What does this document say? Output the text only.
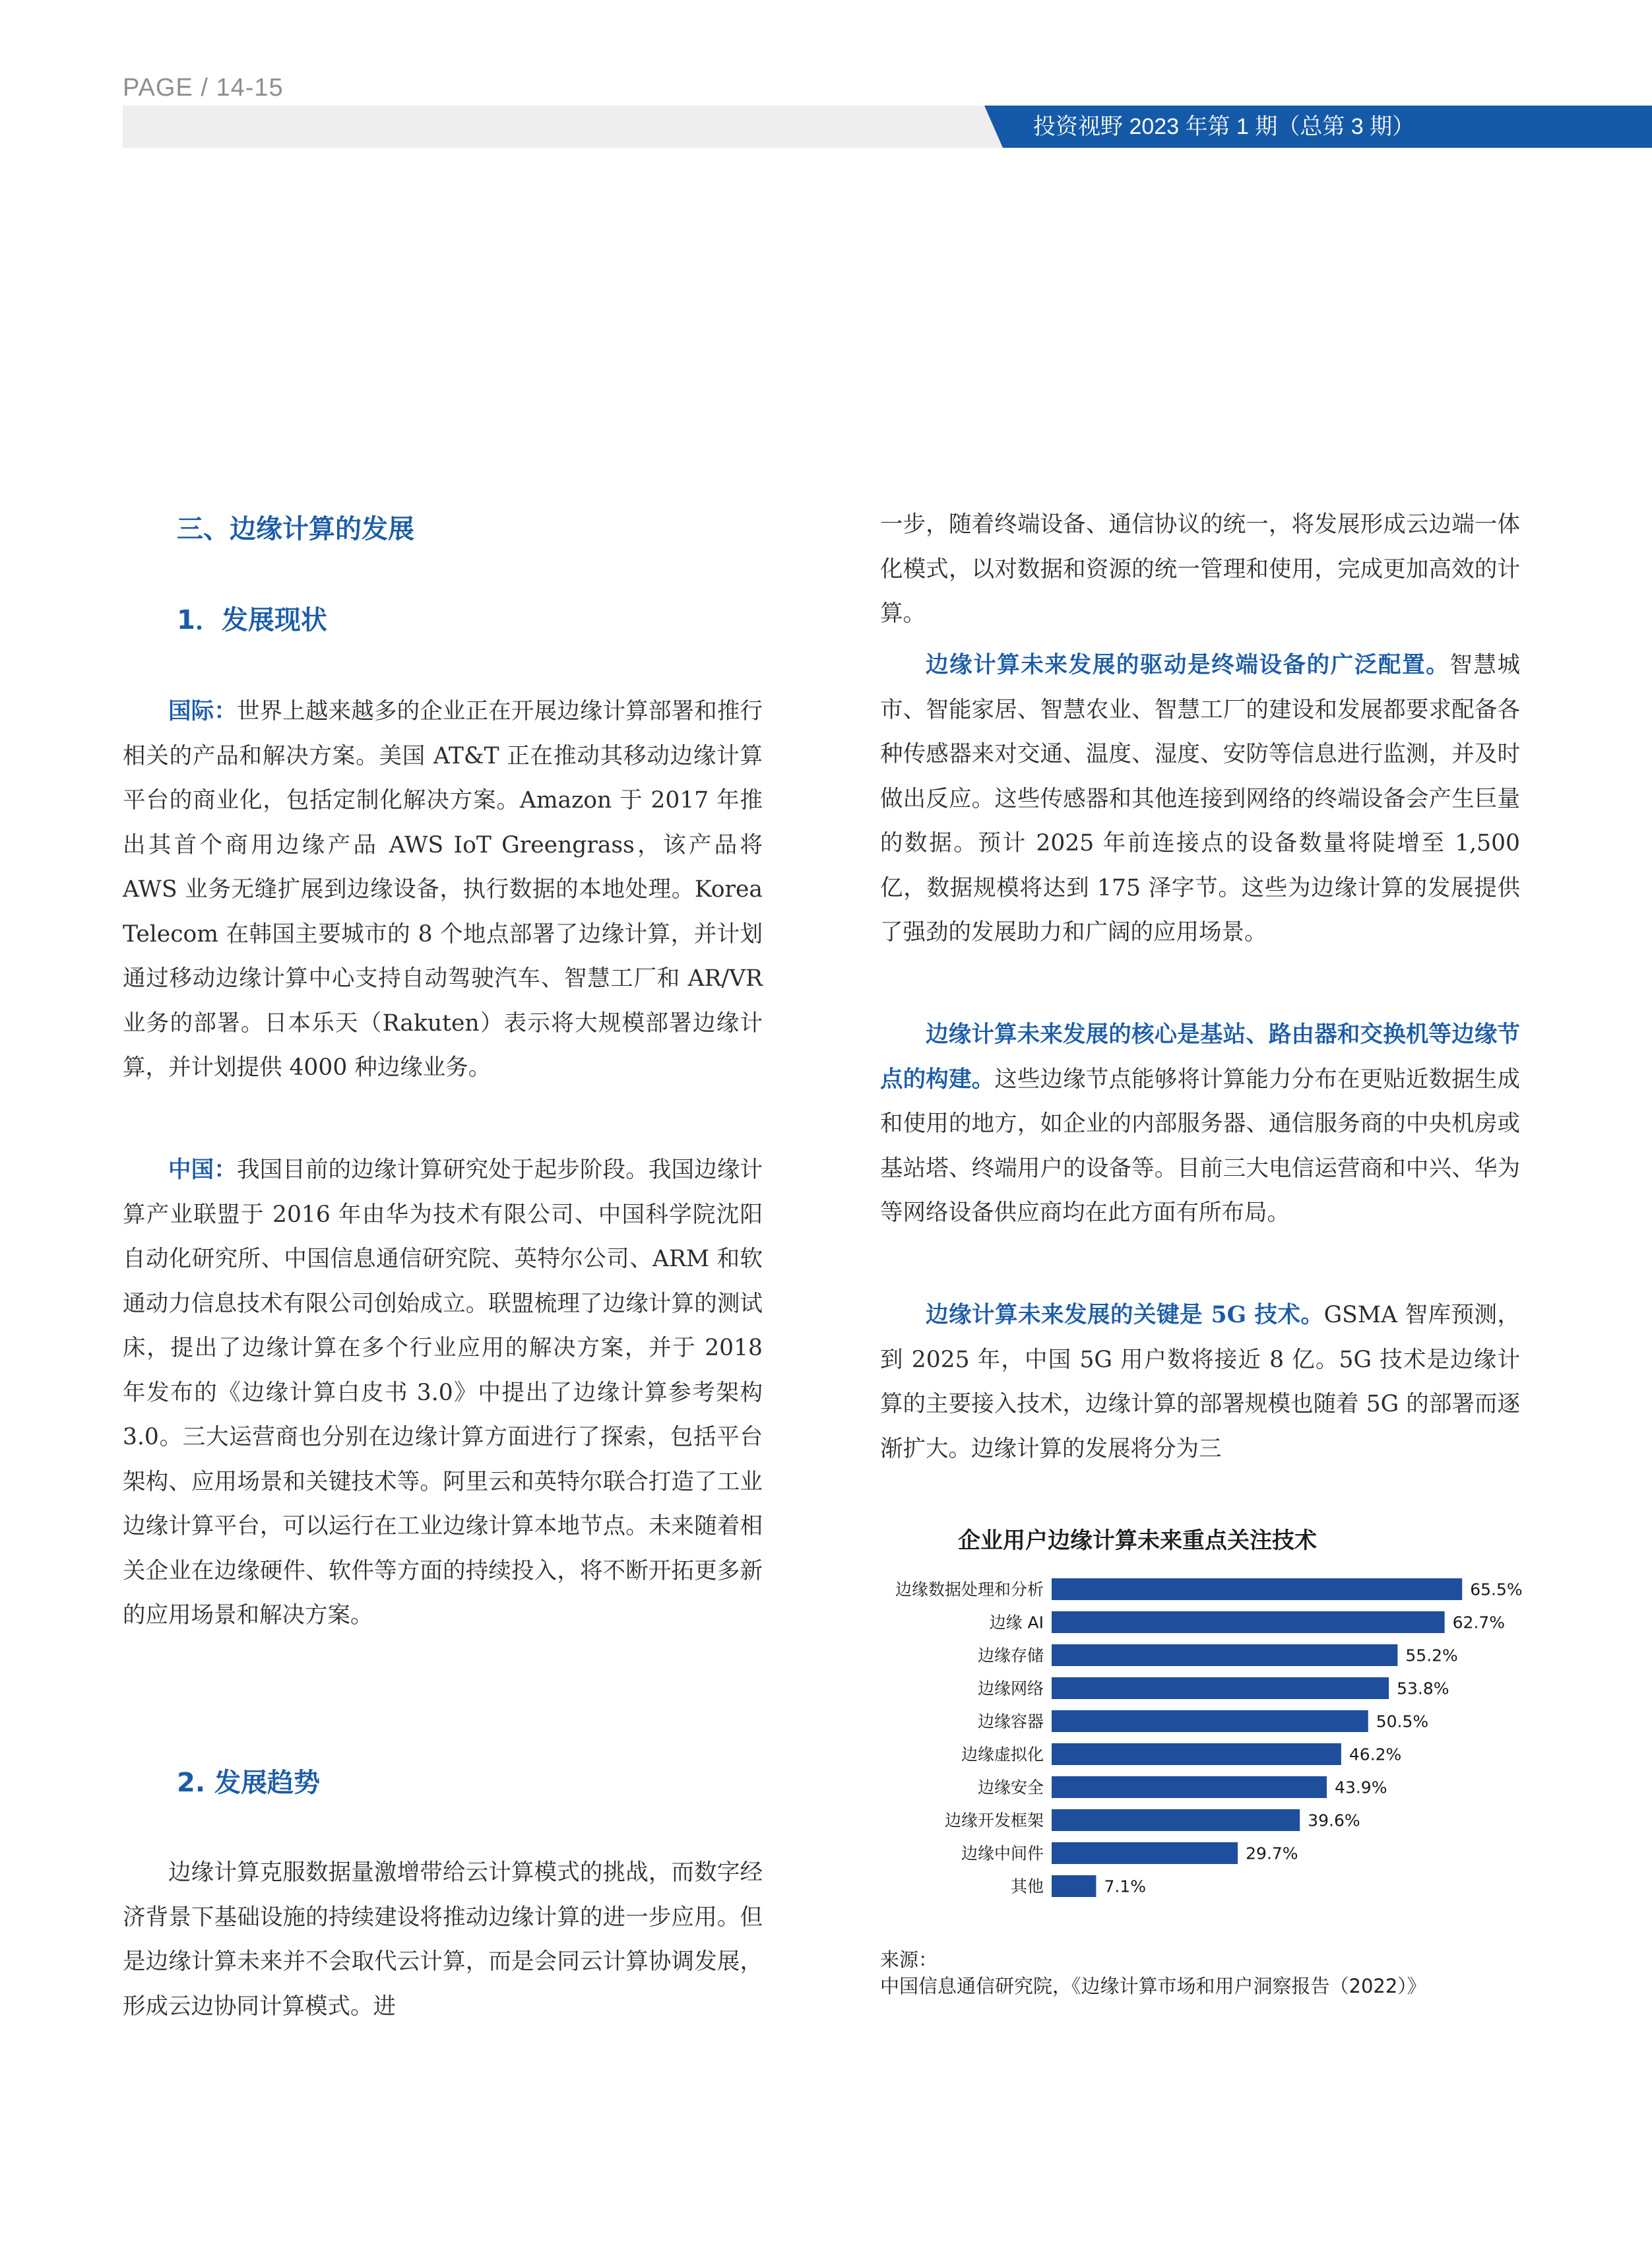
PAGE / 14-15
投资视野 2023 年第 1 期（总第 3 期）
三、边缘计算的发展
1．发展现状

国际：世界上越来越多的企业正在开展边缘计算部署和推行相关的产品和解决方案。美国 AT&T 正在推动其移动边缘计算平台的商业化，包括定制化解决方案。Amazon 于 2017 年推出其首个商用边缘产品 AWS IoT Greengrass，该产品将 AWS 业务无缝扩展到边缘设备，执行数据的本地处理。Korea Telecom 在韩国主要城市的 8 个地点部署了边缘计算，并计划通过移动边缘计算中心支持自动驾驶汽车、智慧工厂和 AR/VR 业务的部署。日本乐天（Rakuten）表示将大规模部署边缘计算，并计划提供 4000 种边缘业务。

中国：我国目前的边缘计算研究处于起步阶段。我国边缘计算产业联盟于 2016 年由华为技术有限公司、中国科学院沈阳自动化研究所、中国信息通信研究院、英特尔公司、ARM 和软通动力信息技术有限公司创始成立。联盟梳理了边缘计算的测试床，提出了边缘计算在多个行业应用的解决方案，并于 2018 年发布的《边缘计算白皮书 3.0》中提出了边缘计算参考架构 3.0。三大运营商也分别在边缘计算方面进行了探索，包括平台架构、应用场景和关键技术等。阿里云和英特尔联合打造了工业边缘计算平台，可以运行在工业边缘计算本地节点。未来随着相关企业在边缘硬件、软件等方面的持续投入，将不断开拓更多新的应用场景和解决方案。

2. 发展趋势

边缘计算克服数据量激增带给云计算模式的挑战，而数字经济背景下基础设施的持续建设将推动边缘计算的进一步应用。但是边缘计算未来并不会取代云计算，而是会同云计算协调发展，形成云边协同计算模式。进

一步，随着终端设备、通信协议的统一，将发展形成云边端一体化模式，以对数据和资源的统一管理和使用，完成更加高效的计算。

边缘计算未来发展的驱动是终端设备的广泛配置。智慧城市、智能家居、智慧农业、智慧工厂的建设和发展都要求配备各种传感器来对交通、温度、湿度、安防等信息进行监测，并及时做出反应。这些传感器和其他连接到网络的终端设备会产生巨量的数据。预计 2025 年前连接点的设备数量将陡增至 1,500 亿，数据规模将达到 175 泽字节。这些为边缘计算的发展提供了强劲的发展助力和广阔的应用场景。

边缘计算未来发展的核心是基站、路由器和交换机等边缘节点的构建。这些边缘节点能够将计算能力分布在更贴近数据生成和使用的地方，如企业的内部服务器、通信服务商的中央机房或基站塔、终端用户的设备等。目前三大电信运营商和中兴、华为等网络设备供应商均在此方面有所布局。

边缘计算未来发展的关键是 5G 技术。GSMA 智库预测，到 2025 年，中国 5G 用户数将接近 8 亿。5G 技术是边缘计算的主要接入技术，边缘计算的部署规模也随着 5G 的部署而逐渐扩大。边缘计算的发展将分为三

企业用户边缘计算未来重点关注技术
边缘数据处理和分析	65.5%
边缘 AI	62.7%
边缘存储	55.2%
边缘网络	53.8%
边缘容器	50.5%
边缘虚拟化	46.2%
边缘安全	43.9%
边缘开发框架	39.6%
边缘中间件	29.7%
其他	7.1%
来源：
中国信息通信研究院，《边缘计算市场和用户洞察报告（2022）》
